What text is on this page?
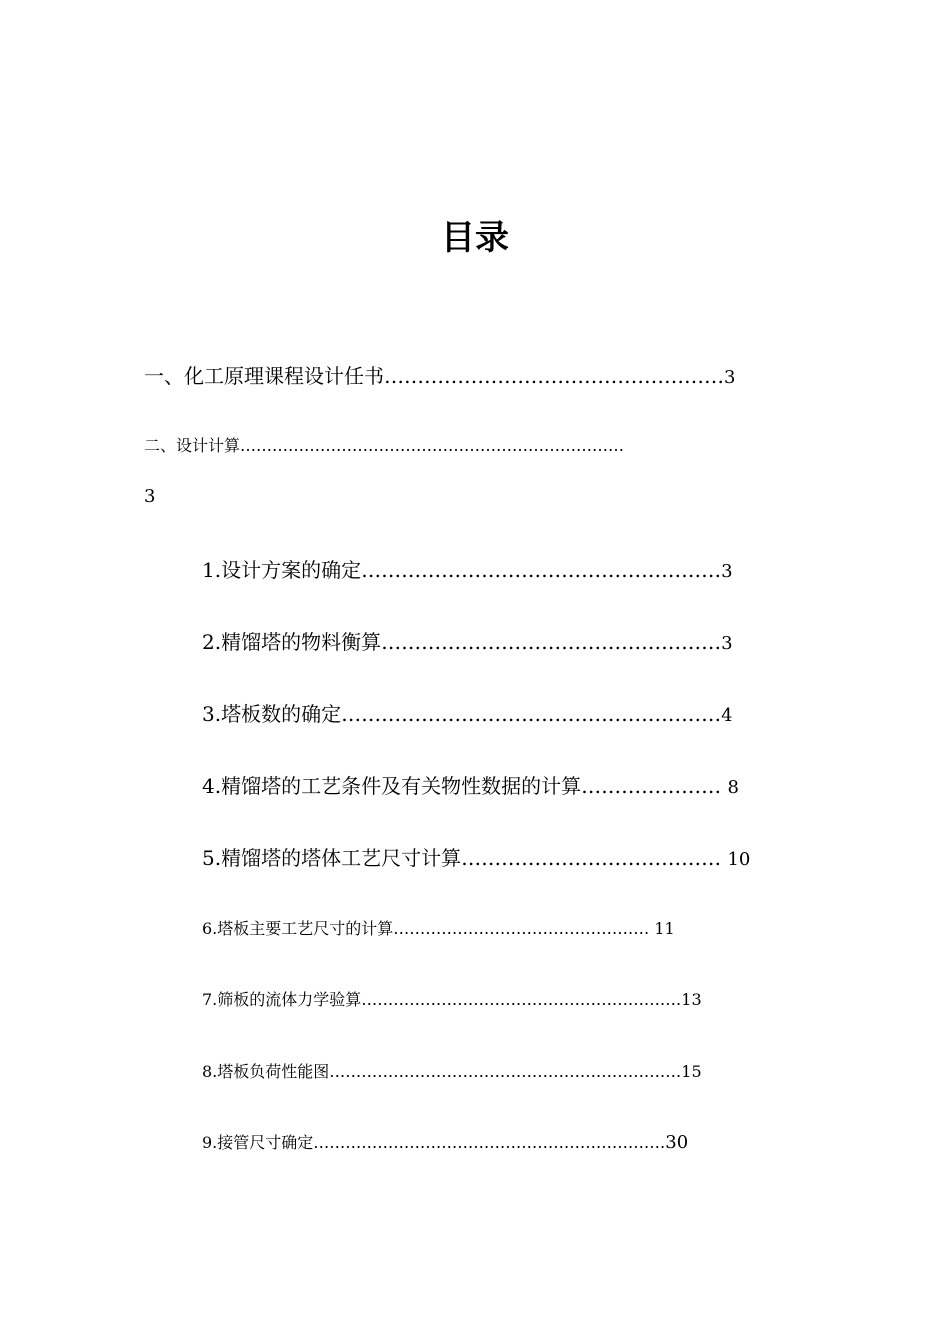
目录
一、化工原理课程设计任书……………………………………………3
二、设计计算………………………………………………………………
3
1.设计方案的确定………………………………………………3
2.精馏塔的物料衡算……………………………………………3
3.塔板数的确定…………………………………………………4
4.精馏塔的工艺条件及有关物性数据的计算………………… 8
5.精馏塔的塔体工艺尺寸计算………………………………… 10
6.塔板主要工艺尺寸的计算………………………………………… 11
7.筛板的流体力学验算……………………………………………………13
8.塔板负荷性能图…………………………………………………………15
9.接管尺寸确定…………………………………………………………30
